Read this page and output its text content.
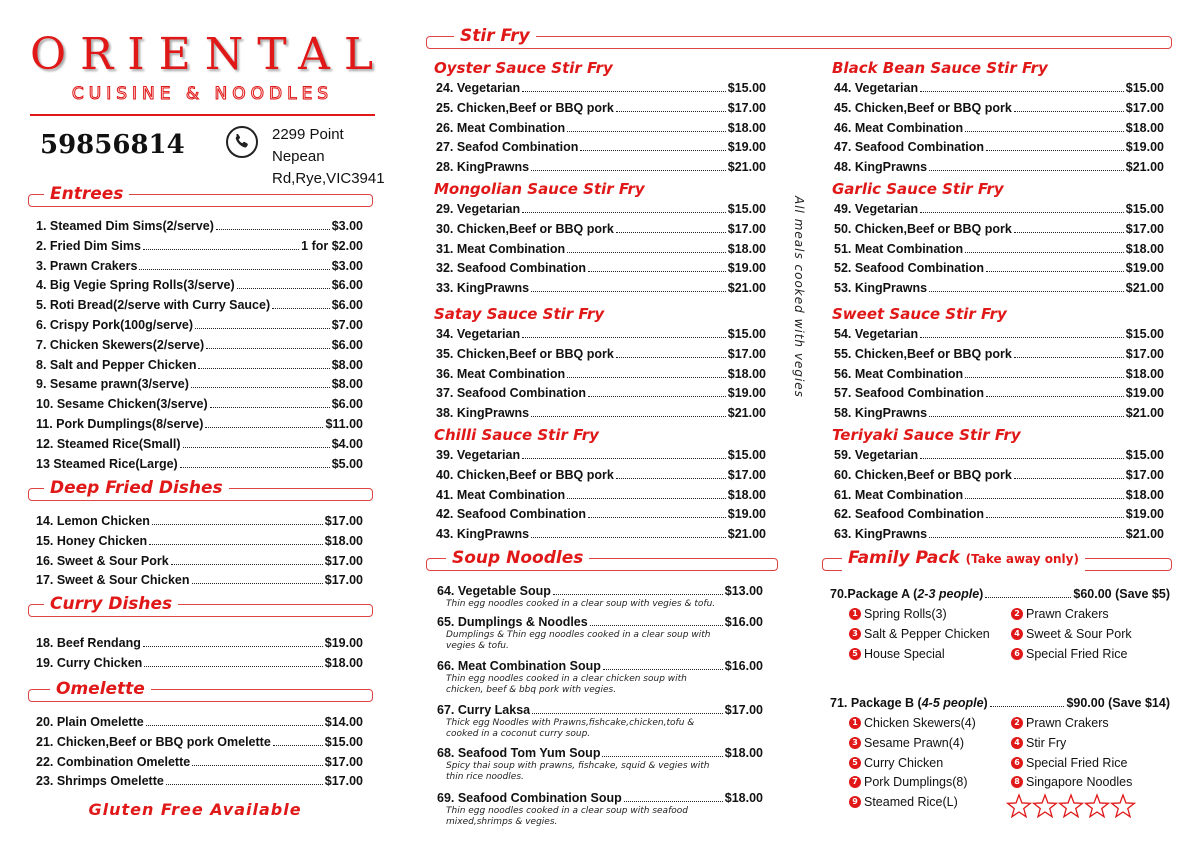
ORIENTAL
CUISINE & NOODLES
59856814	2299 Point Nepean
Rd,Rye,VIC3941
Entrees
1. Steamed Dim Sims(2/serve)	$3.00
2. Fried Dim Sims	1 for $2.00
3. Prawn Crakers	$3.00
4. Big Vegie Spring Rolls(3/serve)	$6.00
5. Roti Bread(2/serve with Curry Sauce)	$6.00
6. Crispy Pork(100g/serve)	$7.00
7. Chicken Skewers(2/serve)	$6.00
8. Salt and Pepper Chicken	$8.00
9. Sesame prawn(3/serve)	$8.00
10. Sesame Chicken(3/serve)	$6.00
11. Pork Dumplings(8/serve)	$11.00
12. Steamed Rice(Small)	$4.00
13 Steamed Rice(Large)	$5.00
Deep Fried Dishes
14. Lemon Chicken	$17.00
15. Honey Chicken	$18.00
16. Sweet & Sour Pork	$17.00
17. Sweet & Sour Chicken	$17.00
Curry Dishes
18. Beef Rendang	$19.00
19. Curry Chicken	$18.00
Omelette
20. Plain Omelette	$14.00
21. Chicken,Beef or BBQ pork Omelette	$15.00
22. Combination Omelette	$17.00
23. Shrimps Omelette	$17.00
Gluten Free Available
Stir Fry
Oyster Sauce Stir Fry
24. Vegetarian	$15.00
25. Chicken,Beef or BBQ pork	$17.00
26. Meat Combination	$18.00
27. Seafod Combination	$19.00
28. KingPrawns	$21.00
Mongolian Sauce Stir Fry
29. Vegetarian	$15.00
30. Chicken,Beef or BBQ pork	$17.00
31. Meat Combination	$18.00
32. Seafood Combination	$19.00
33. KingPrawns	$21.00
Satay Sauce Stir Fry
34. Vegetarian	$15.00
35. Chicken,Beef or BBQ pork	$17.00
36. Meat Combination	$18.00
37. Seafood Combination	$19.00
38. KingPrawns	$21.00
Chilli Sauce Stir Fry
39. Vegetarian	$15.00
40. Chicken,Beef or BBQ pork	$17.00
41. Meat Combination	$18.00
42. Seafood Combination	$19.00
43. KingPrawns	$21.00
Black Bean Sauce Stir Fry
44. Vegetarian	$15.00
45. Chicken,Beef or BBQ pork	$17.00
46. Meat Combination	$18.00
47. Seafood Combination	$19.00
48. KingPrawns	$21.00
Garlic Sauce Stir Fry
49. Vegetarian	$15.00
50. Chicken,Beef or BBQ pork	$17.00
51. Meat Combination	$18.00
52. Seafood Combination	$19.00
53. KingPrawns	$21.00
Sweet Sauce Stir Fry
54. Vegetarian	$15.00
55. Chicken,Beef or BBQ pork	$17.00
56. Meat Combination	$18.00
57. Seafood Combination	$19.00
58. KingPrawns	$21.00
Teriyaki Sauce Stir Fry
59. Vegetarian	$15.00
60. Chicken,Beef or BBQ pork	$17.00
61. Meat Combination	$18.00
62. Seafood Combination	$19.00
63. KingPrawns	$21.00
All meals cooked with vegies
Soup Noodles
64. Vegetable Soup	$13.00
Thin egg noodles cooked in a clear soup with vegies & tofu.
65. Dumplings & Noodles	$16.00
Dumplings & Thin egg noodles cooked in a clear soup with
vegies & tofu.
66. Meat Combination Soup	$16.00
Thin egg noodles cooked in a clear chicken soup with
chicken, beef & bbq pork with vegies.
67. Curry Laksa	$17.00
Thick egg Noodles with Prawns,fishcake,chicken,tofu &
cooked in a coconut curry soup.
68. Seafood Tom Yum Soup	$18.00
Spicy thai soup with prawns, fishcake, squid & vegies with
thin rice noodles.
69. Seafood Combination Soup	$18.00
Thin egg noodles cooked in a clear soup with seafood
mixed,shrimps & vegies.
Family Pack (Take away only)
70.Package A ( 2-3 people )	$60.00 (Save $5)
1 Spring Rolls(3)	2 Prawn Crakers
3 Salt & Pepper Chicken	4 Sweet & Sour Pork
5 House Special	6 Special Fried Rice
71. Package B ( 4-5 people )	$90.00 (Save $14)
1 Chicken Skewers(4)	2 Prawn Crakers
3 Sesame Prawn(4)	4 Stir Fry
5 Curry Chicken	6 Special Fried Rice
7 Pork Dumplings(8)	8 Singapore Noodles
9 Steamed Rice(L)
